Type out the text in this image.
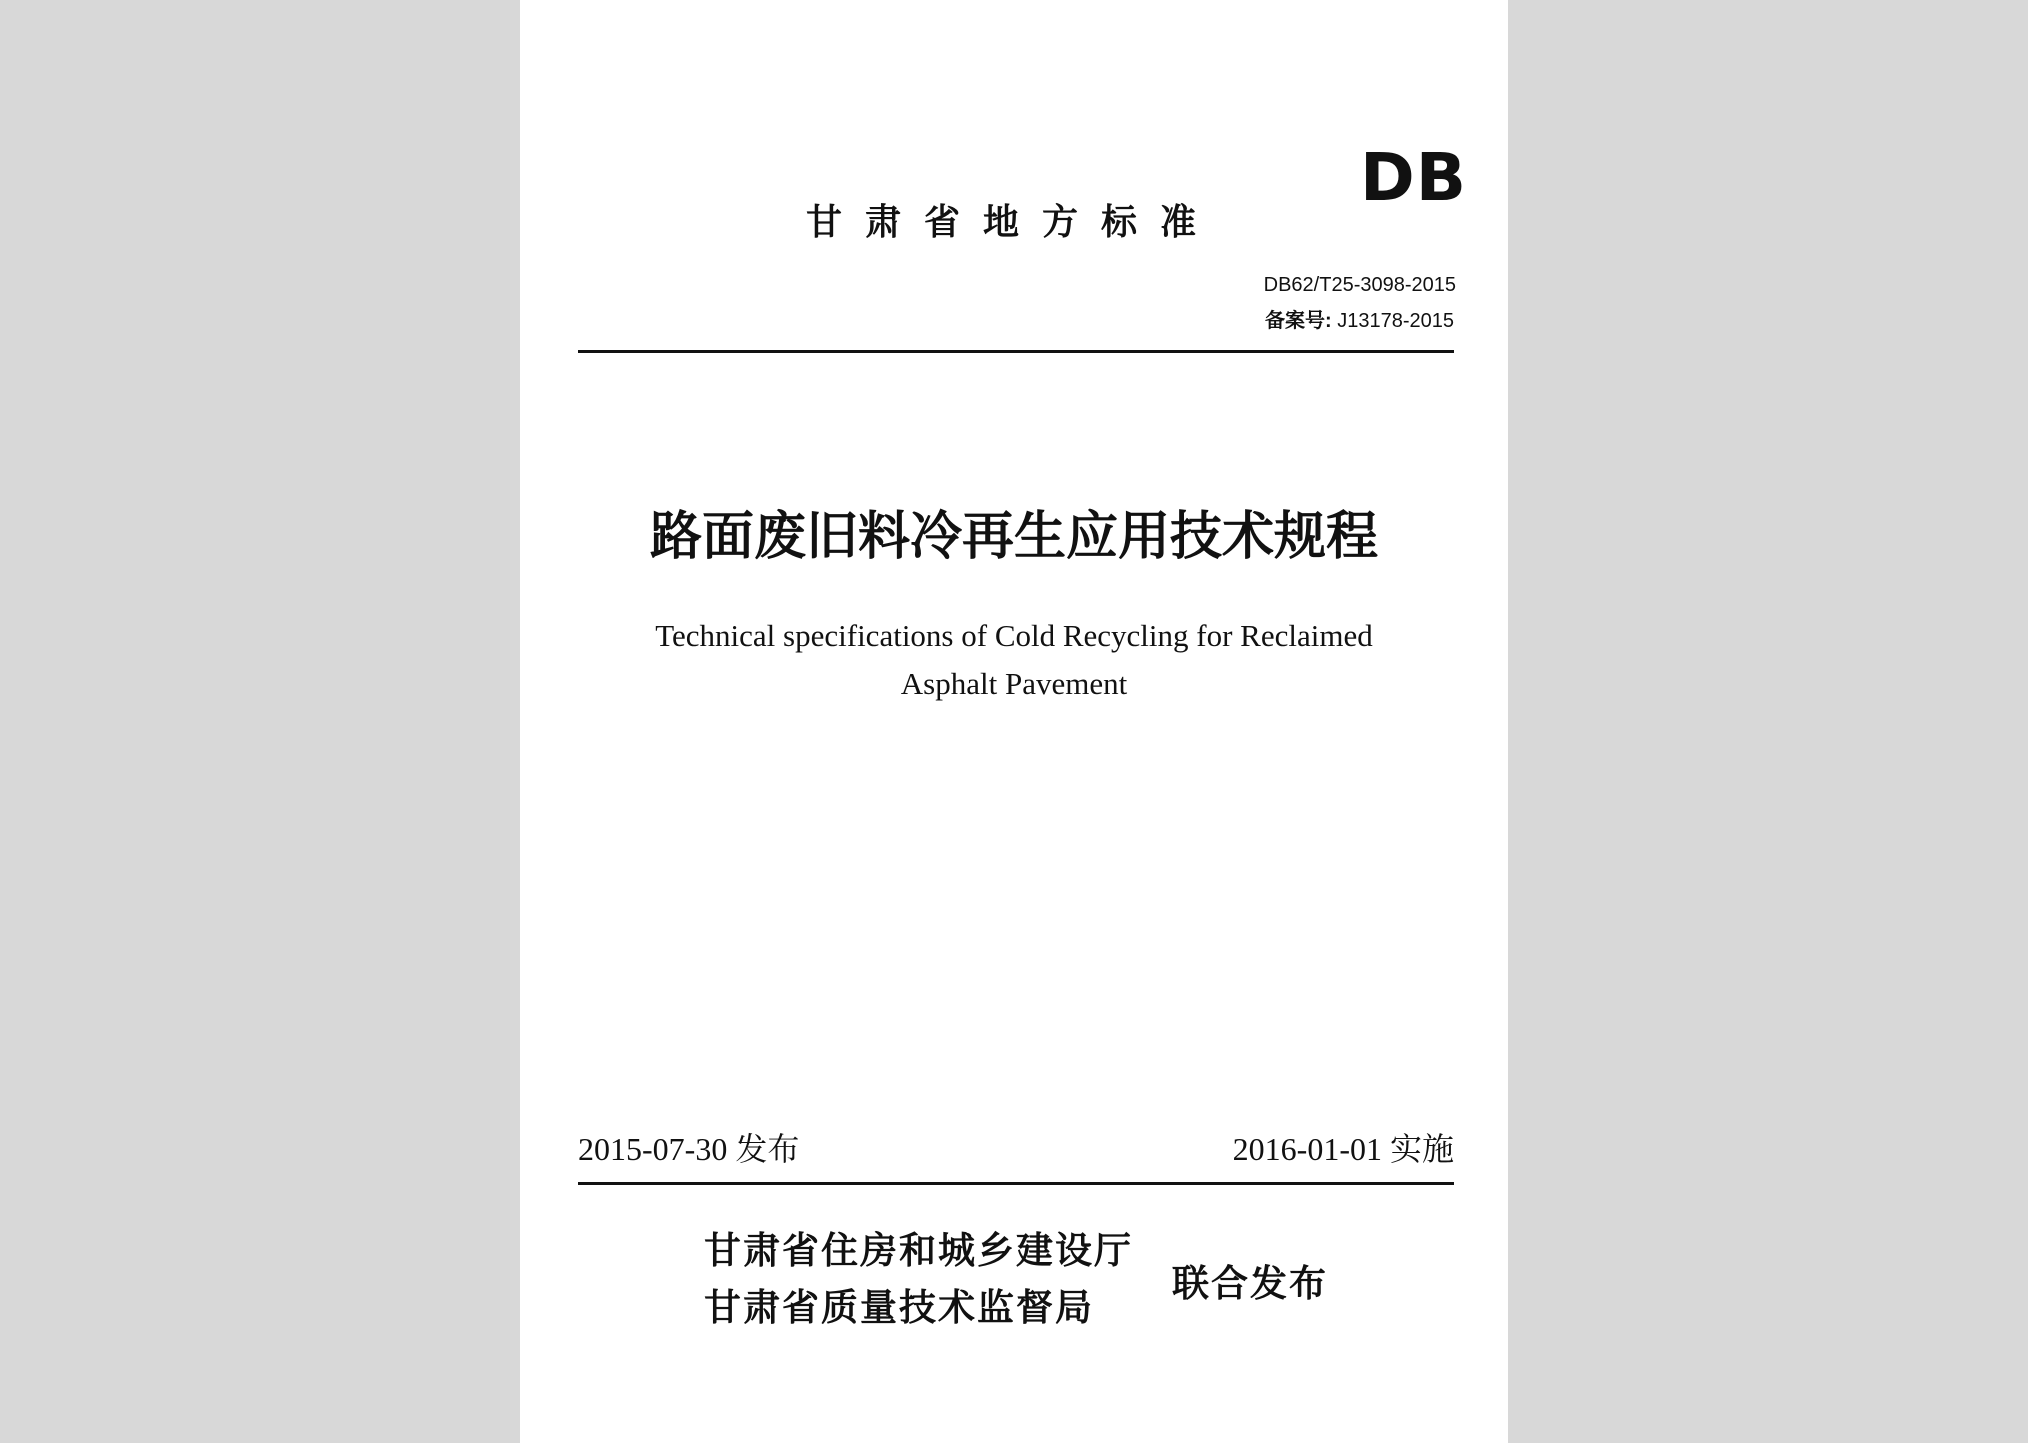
DB
甘肃省地方标准
DB62/T25-3098-2015
备案号: J13178-2015
路面废旧料冷再生应用技术规程
Technical specifications of Cold Recycling for Reclaimed
Asphalt Pavement
2015-07-30 发布	2016-01-01 实施
甘肃省住房和城乡建设厅
甘肃省质量技术监督局
联合发布
